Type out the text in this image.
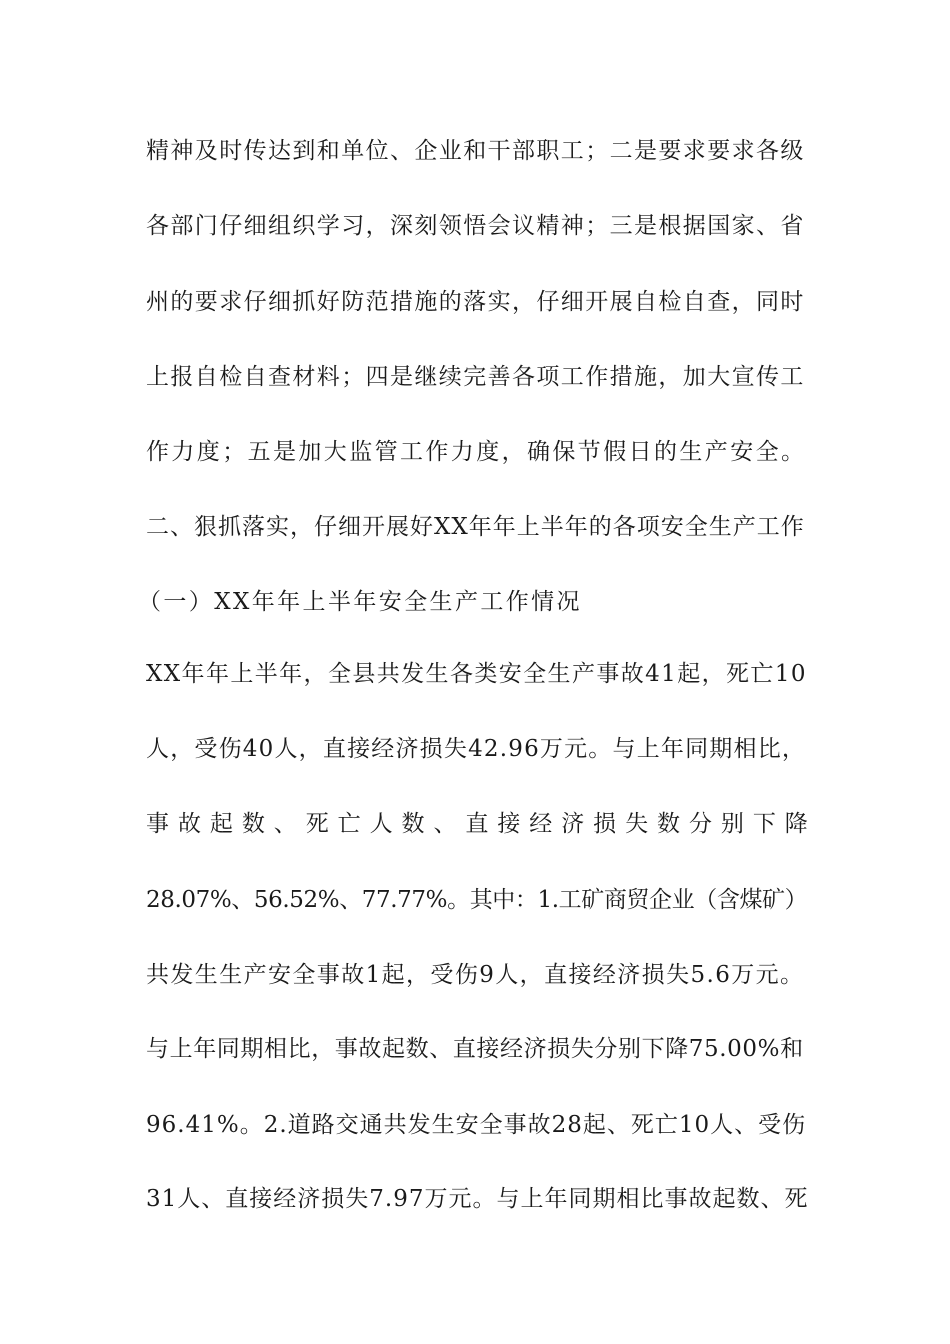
精神及时传达到和单位、企业和干部职工；二是要求要求各级
各部门仔细组织学习，深刻领悟会议精神；三是根据国家、省
州的要求仔细抓好防范措施的落实，仔细开展自检自查，同时
上报自检自查材料；四是继续完善各项工作措施，加大宣传工
作力度；五是加大监管工作力度，确保节假日的生产安全。
二、狠抓落实，仔细开展好XX年年上半年的各项安全生产工作
（一）XX年年上半年安全生产工作情况
XX年年上半年，全县共发生各类安全生产事故41起，死亡10
人，受伤40人，直接经济损失42.96万元。与上年同期相比，
事 故 起 数 、 死 亡 人 数 、 直 接 经 济 损 失 数 分 别 下 降
28.07%、56.52%、77.77%。其中：1.工矿商贸企业（含煤矿）
共发生生产安全事故1起，受伤9人，直接经济损失5.6万元。
与上年同期相比，事故起数、直接经济损失分别下降75.00%和
96.41%。2.道路交通共发生安全事故28起、死亡10人、受伤
31人、直接经济损失7.97万元。与上年同期相比事故起数、死
